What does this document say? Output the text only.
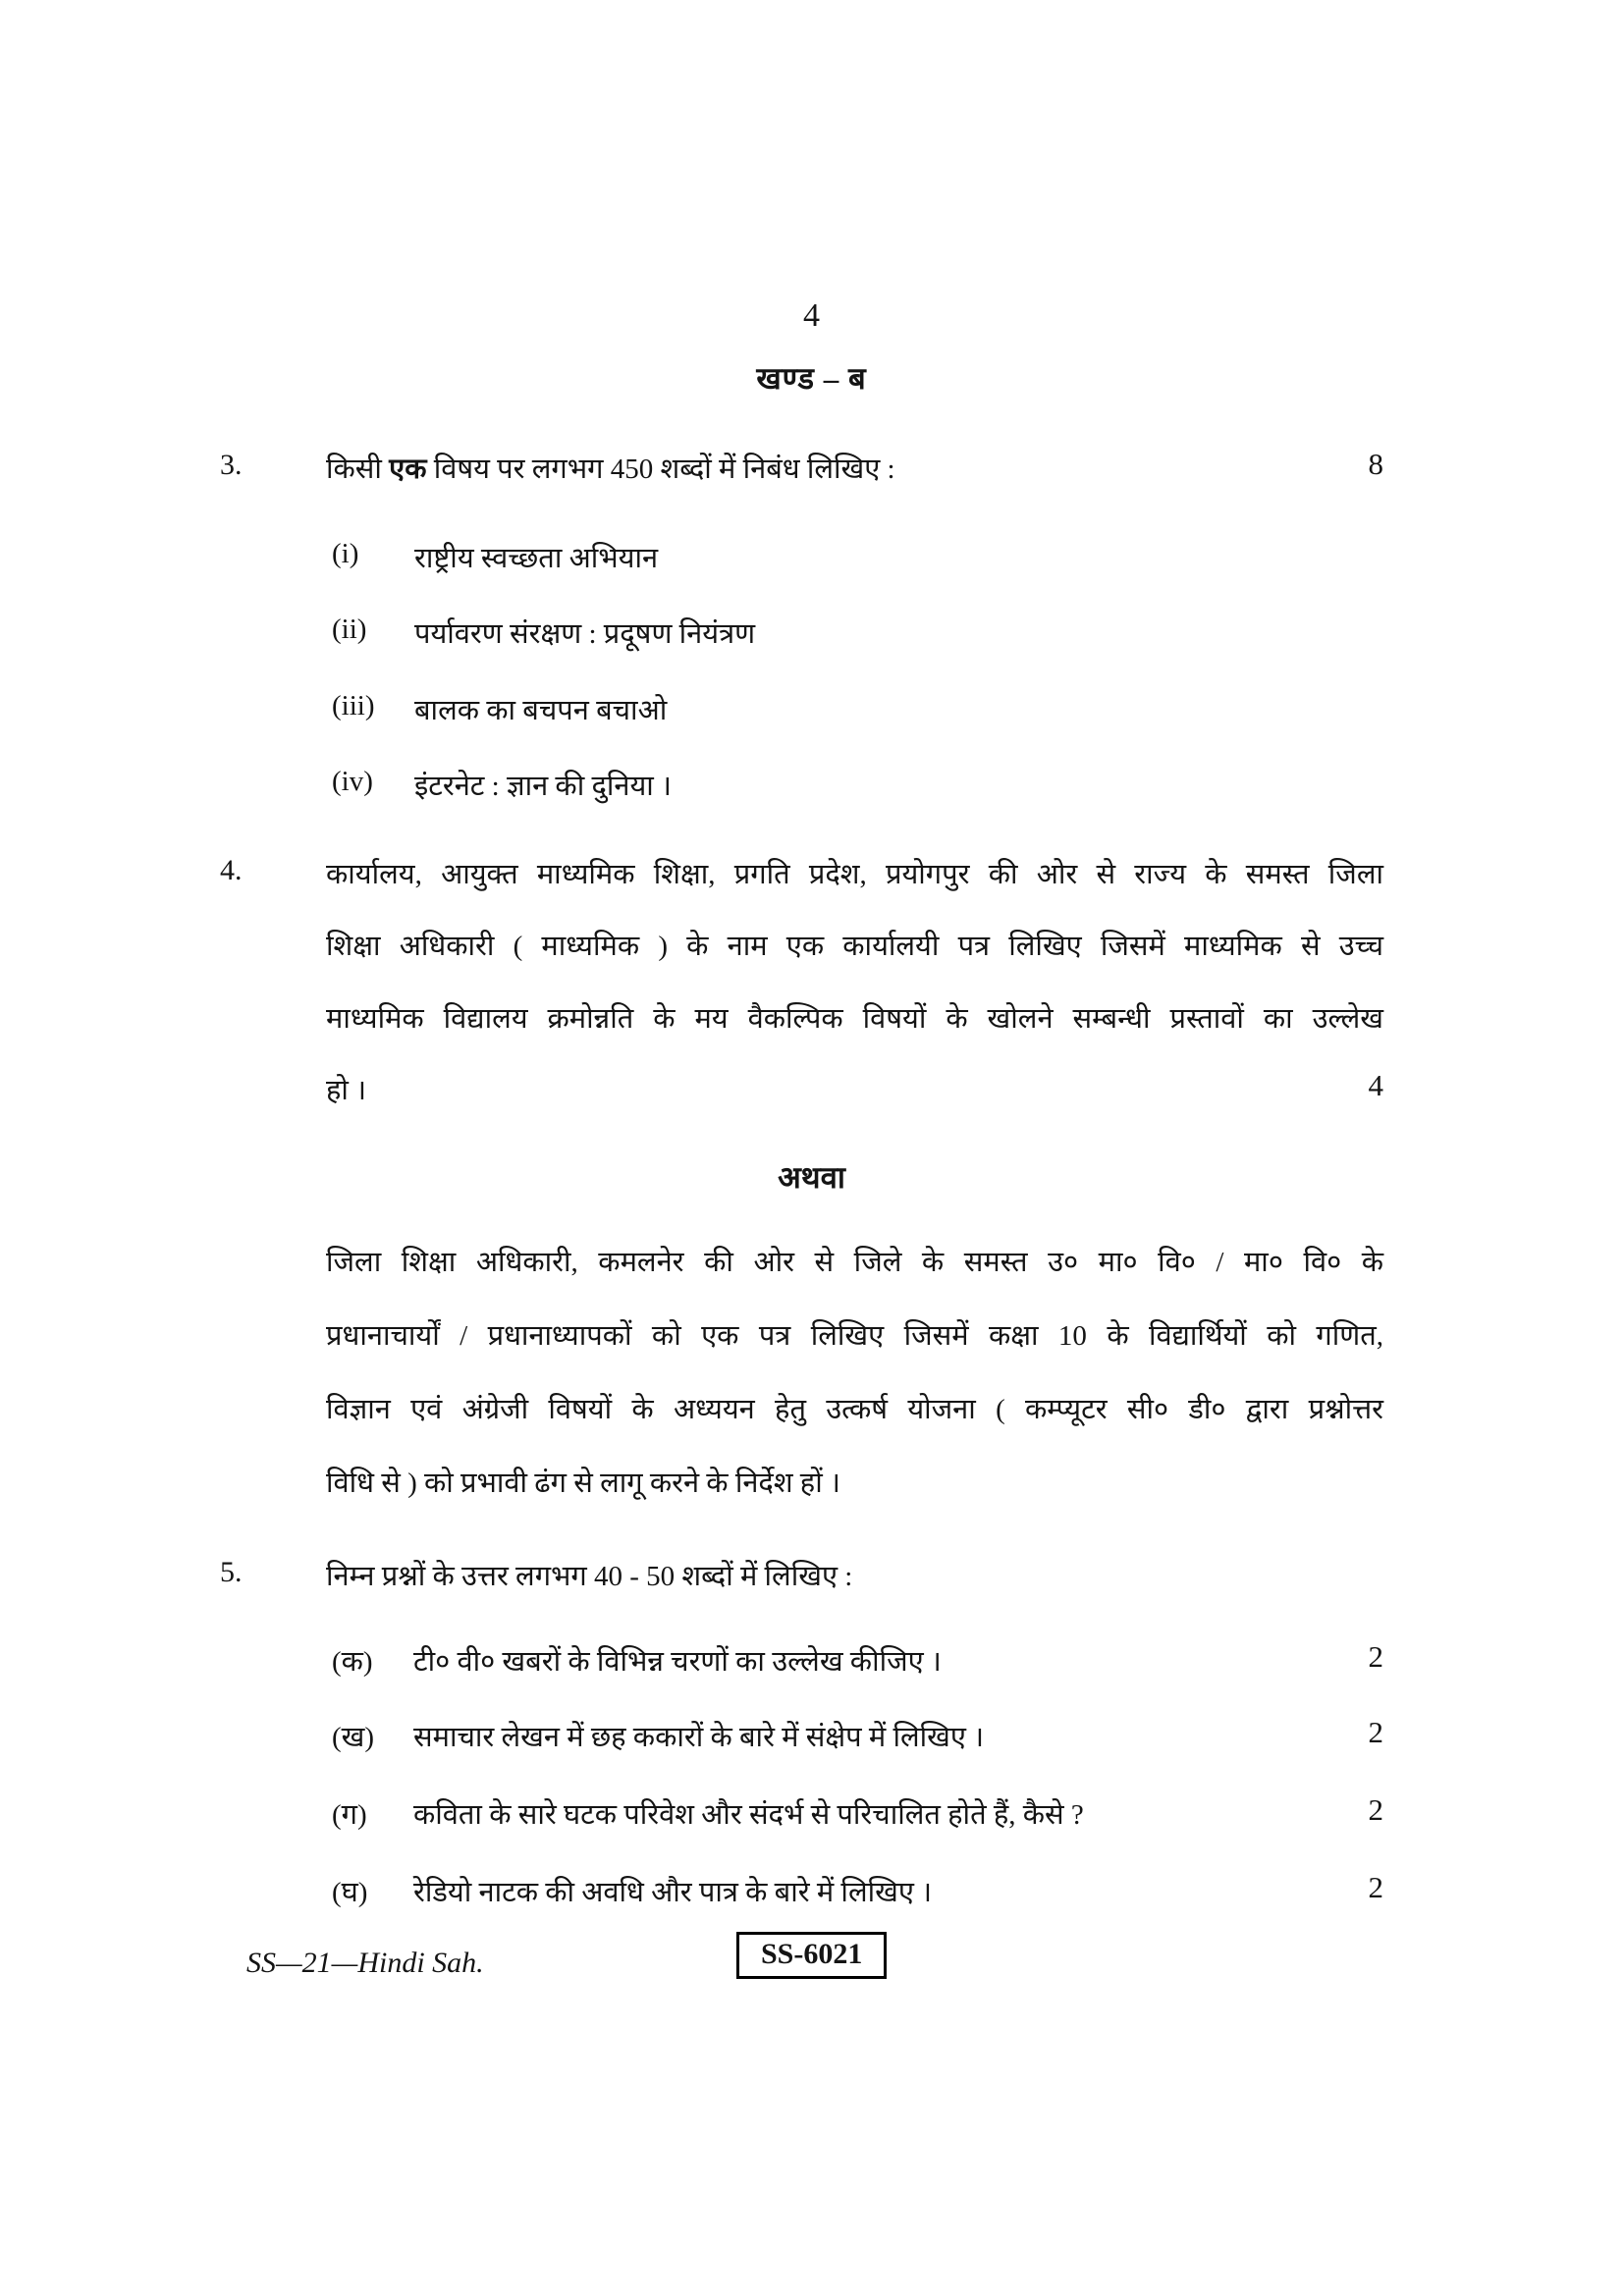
4
खण्ड – ब
3.	किसी एक विषय पर लगभग 450 शब्दों में निबंध लिखिए :	8
(i) राष्ट्रीय स्वच्छता अभियान
(ii) पर्यावरण संरक्षण : प्रदूषण नियंत्रण
(iii) बालक का बचपन बचाओ
(iv) इंटरनेट : ज्ञान की दुनिया ।
4.	कार्यालय, आयुक्त माध्यमिक शिक्षा, प्रगति प्रदेश, प्रयोगपुर की ओर से राज्य के समस्त जिला
शिक्षा अधिकारी ( माध्यमिक ) के नाम एक कार्यालयी पत्र लिखिए जिसमें माध्यमिक से उच्च
माध्यमिक विद्यालय क्रमोन्नति के मय वैकल्पिक विषयों के खोलने सम्बन्धी प्रस्तावों का उल्लेख
हो ।	4
अथवा
जिला शिक्षा अधिकारी, कमलनेर की ओर से जिले के समस्त उ० मा० वि० / मा० वि० के
प्रधानाचार्यों / प्रधानाध्यापकों को एक पत्र लिखिए जिसमें कक्षा 10 के विद्यार्थियों को गणित,
विज्ञान एवं अंग्रेजी विषयों के अध्ययन हेतु उत्कर्ष योजना ( कम्प्यूटर सी० डी० द्वारा प्रश्नोत्तर
विधि से ) को प्रभावी ढंग से लागू करने के निर्देश हों ।
5.	निम्न प्रश्नों के उत्तर लगभग 40 - 50 शब्दों में लिखिए :
(क) टी० वी० खबरों के विभिन्न चरणों का उल्लेख कीजिए ।	2
(ख) समाचार लेखन में छह ककारों के बारे में संक्षेप में लिखिए ।	2
(ग) कविता के सारे घटक परिवेश और संदर्भ से परिचालित होते हैं, कैसे ?	2
(घ) रेडियो नाटक की अवधि और पात्र के बारे में लिखिए ।	2
SS—21—Hindi Sah.	SS-6021
